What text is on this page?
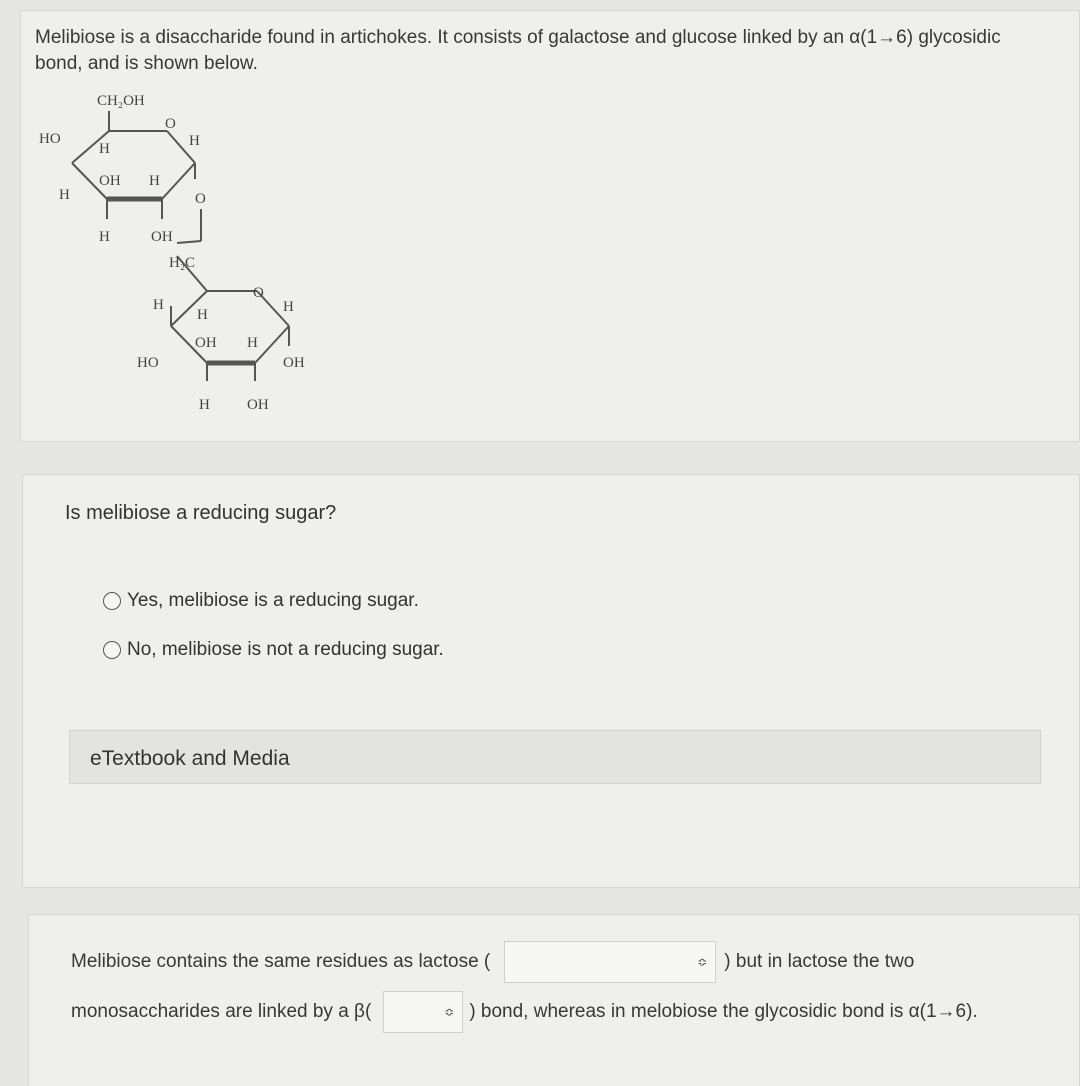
Melibiose is a disaccharide found in artichokes. It consists of galactose and glucose linked by an α(1→6) glycosidic bond, and is shown below.
CH₂OH
O
HO
H	H
OH H
H	O
H	OH
H₂C
O
H
H	H
OH H
HO	OH
H OH
Is melibiose a reducing sugar?
Yes, melibiose is a reducing sugar.
No, melibiose is not a reducing sugar.
eTextbook and Media
Melibiose contains the same residues as lactose (	≎ ) but in lactose the two
monosaccharides are linked by a β(	≎ ) bond, whereas in melobiose the glycosidic bond is α(1→6).
